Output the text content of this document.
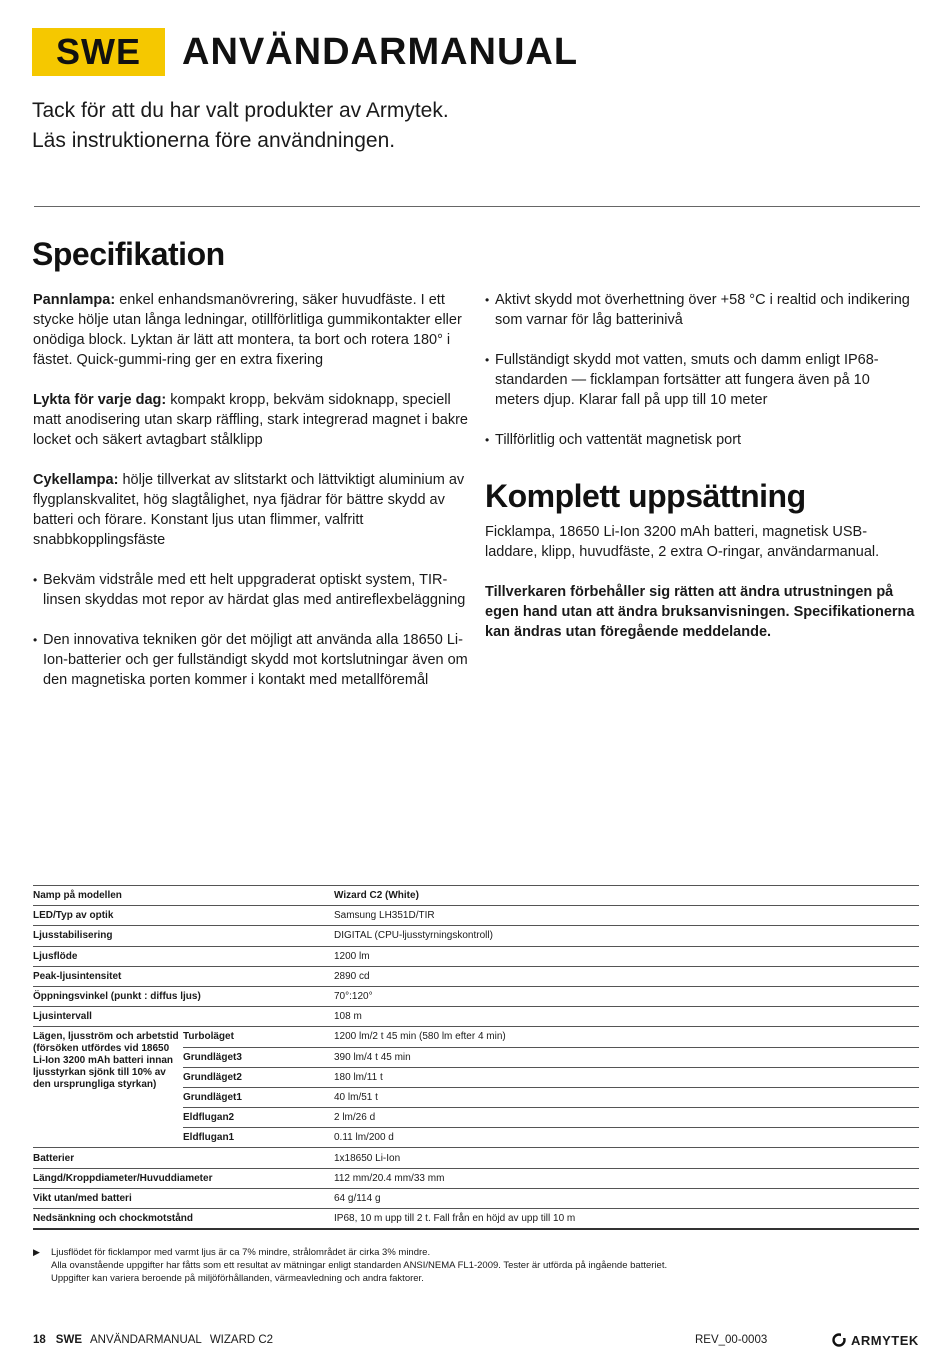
SWE	ANVÄNDARMANUAL
Tack för att du har valt produkter av Armytek.
Läs instruktionerna före användningen.
Specifikation
Pannlampa: enkel enhandsmanövrering, säker huvudfäste. I ett stycke hölje utan långa ledningar, otillförlitliga gummikontakter eller onödiga block. Lyktan är lätt att montera, ta bort och rotera 180° i fästet. Quick-gummi-ring ger en extra fixering
Lykta för varje dag: kompakt kropp, bekväm sidoknapp, speciell matt anodisering utan skarp räffling, stark integrerad magnet i bakre locket och säkert avtagbart stålklipp
Cykellampa: hölje tillverkat av slitstarkt och lättviktigt aluminium av flygplanskvalitet, hög slagtålighet, nya fjädrar för bättre skydd av batteri och förare. Konstant ljus utan flimmer, valfritt snabbkopplingsfäste
• Bekväm vidstråle med ett helt uppgraderat optiskt system, TIR-linsen skyddas mot repor av härdat glas med antireflexbeläggning
• Den innovativa tekniken gör det möjligt att använda alla 18650 Li-Ion-batterier och ger fullständigt skydd mot kortslutningar även om den magnetiska porten kommer i kontakt med metallföremål
• Aktivt skydd mot överhettning över +58 °C i realtid och indikering som varnar för låg batterinivå
• Fullständigt skydd mot vatten, smuts och damm enligt IP68-standarden — ficklampan fortsätter att fungera även på 10 meters djup. Klarar fall på upp till 10 meter
• Tillförlitlig och vattentät magnetisk port
Komplett uppsättning
Ficklampa, 18650 Li-Ion 3200 mAh batteri, magnetisk USB-laddare, klipp, huvudfäste, 2 extra O-ringar, användarmanual.
Tillverkaren förbehåller sig rätten att ändra utrustningen på egen hand utan att ändra bruksanvisningen. Specifikationerna kan ändras utan föregående meddelande.
Namp på modellen		Wizard C2 (White)
LED/Typ av optik		Samsung LH351D/TIR
Ljusstabilisering		DIGITAL (CPU-ljusstyrningskontroll)
Ljusflöde		1200 lm
Peak-ljusintensitet		2890 cd
Öppningsvinkel (punkt : diffus ljus)		70°:120°
Ljusintervall		108 m
Lägen, ljusström och arbetstid (försöken utfördes vid 18650 Li-Ion 3200 mAh batteri innan ljusstyrkan sjönk till 10% av den ursprungliga styrkan)	Turboläget	1200 lm/2 t 45 min (580 lm efter 4 min)
	Grundläget3	390 lm/4 t 45 min
	Grundläget2	180 lm/11 t
	Grundläget1	40 lm/51 t
	Eldflugan2	2 lm/26 d
	Eldflugan1	0.11 lm/200 d
Batterier		1x18650 Li-Ion
Längd/Kroppdiameter/Huvuddiameter		112 mm/20.4 mm/33 mm
Vikt utan/med batteri		64 g/114 g
Nedsänkning och chockmotstånd		IP68, 10 m upp till 2 t. Fall från en höjd av upp till 10 m
▶	Ljusflödet för ficklampor med varmt ljus är ca 7% mindre, strålområdet är cirka 3% mindre.
Alla ovanstående uppgifter har fåtts som ett resultat av mätningar enligt standarden ANSI/NEMA FL1-2009. Tester är utförda på ingående batteriet.
Uppgifter kan variera beroende på miljöförhållanden, värmeavledning och andra faktorer.
18 SWE ANVÄNDARMANUAL WIZARD C2	REV_00-0003	ARMYTEK
